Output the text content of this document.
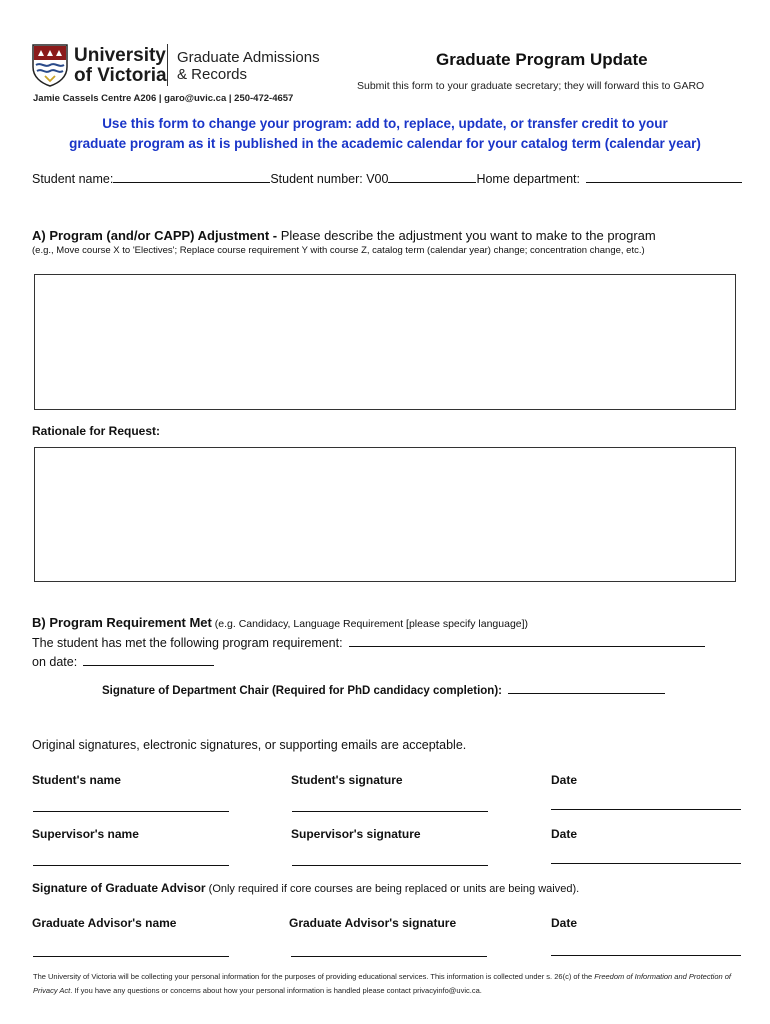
University
of Victoria
Graduate Admissions
& Records
Jamie Cassels Centre A206 | garo@uvic.ca | 250-472-4657
Graduate Program Update
Submit this form to your graduate secretary; they will forward this to GARO
Use this form to change your program: add to, replace, update, or transfer credit to your
graduate program as it is published in the academic calendar for your catalog term (calendar year)
Student name:	Student number: V00	Home department:
A) Program (and/or CAPP) Adjustment - Please describe the adjustment you want to make to the program
(e.g., Move course X to 'Electives'; Replace course requirement Y with course Z, catalog term (calendar year) change; concentration change, etc.)
Rationale for Request:
B) Program Requirement Met (e.g. Candidacy, Language Requirement [please specify language])
The student has met the following program requirement:
on date:
Signature of Department Chair (Required for PhD candidacy completion):
Original signatures, electronic signatures, or supporting emails are acceptable.
Student's name	Student's signature	Date
Supervisor's name	Supervisor's signature	Date
Signature of Graduate Advisor (Only required if core courses are being replaced or units are being waived).
Graduate Advisor's name	Graduate Advisor's signature	Date
The University of Victoria will be collecting your personal information for the purposes of providing educational services. This information is collected under s. 26(c) of the Freedom of Information and Protection of Privacy Act. If you have any questions or concerns about how your personal information is handled please contact privacyinfo@uvic.ca.
